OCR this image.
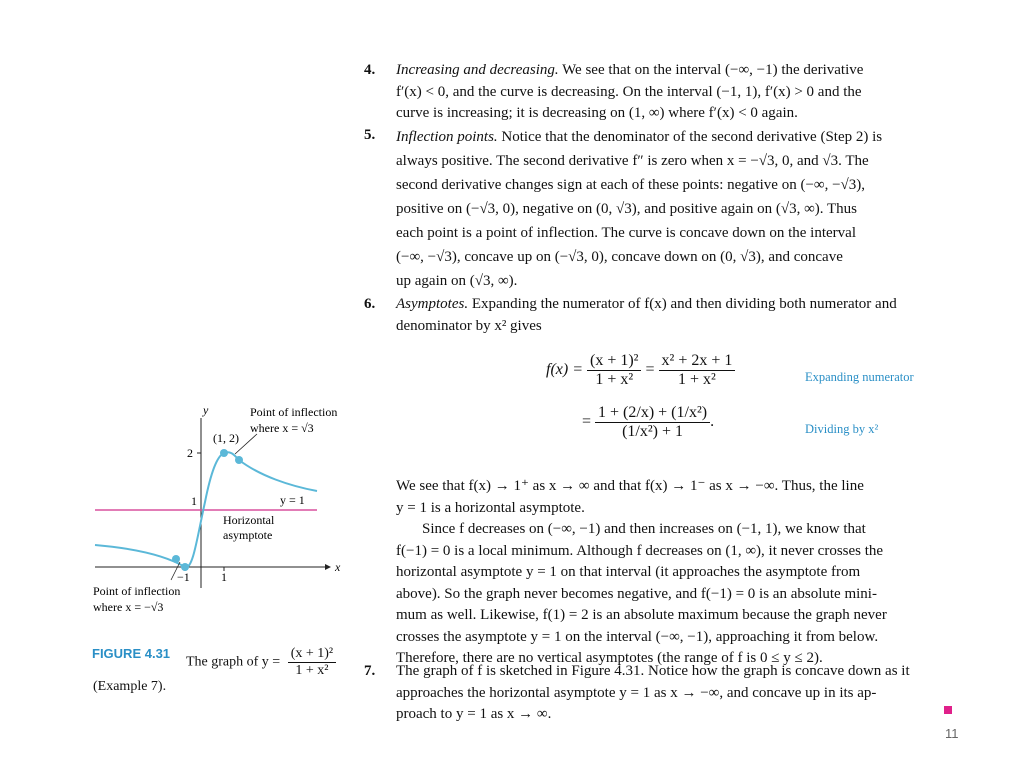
4. Increasing and decreasing. We see that on the interval (−∞, −1) the derivative
f′(x) < 0, and the curve is decreasing. On the interval (−1, 1), f′(x) > 0 and the
curve is increasing; it is decreasing on (1, ∞) where f′(x) < 0 again.
5. Inflection points. Notice that the denominator of the second derivative (Step 2) is
always positive. The second derivative f″ is zero when x = −√3, 0, and √3. The
second derivative changes sign at each of these points: negative on (−∞, −√3),
positive on (−√3, 0), negative on (0, √3), and positive again on (√3, ∞). Thus
each point is a point of inflection. The curve is concave down on the interval
(−∞, −√3), concave up on (−√3, 0), concave down on (0, √3), and concave
up again on (√3, ∞).
6. Asymptotes. Expanding the numerator of f(x) and then dividing both numerator and
denominator by x² gives
$f(x) = \frac{\text{(x + 1)²}}{\text{1 + x²}} = \frac{\text{x² + 2x + 1}}{\text{1 + x²}}$	Expanding numerator
= $\frac{\text{1 + (2/x) + (1/x²)}}{\text{(1/x²) + 1}}$ .	Dividing by x²
We see that f(x) → 1⁺ as x → ∞ and that f(x) → 1⁻ as x → −∞. Thus, the line
y = 1 is a horizontal asymptote.
Since f decreases on (−∞, −1) and then increases on (−1, 1), we know that
f(−1) = 0 is a local minimum. Although f decreases on (1, ∞), it never crosses the
horizontal asymptote y = 1 on that interval (it approaches the asymptote from
above). So the graph never becomes negative, and f(−1) = 0 is an absolute mini-
mum as well. Likewise, f(1) = 2 is an absolute maximum because the graph never
crosses the asymptote y = 1 on the interval (−∞, −1), approaching it from below.
Therefore, there are no vertical asymptotes (the range of f is 0 ≤ y ≤ 2).
7. The graph of f is sketched in Figure 4.31. Notice how the graph is concave down as it
approaches the horizontal asymptote y = 1 as x → −∞, and concave up in its ap-
proach to y = 1 as x → ∞.
y
x
2
1
−1	1
(1, 2)
Point of inflection
where x = √3
Horizontal
asymptote
y = 1
Point of inflection
where x = −√3
FIGURE 4.31
The graph of $y = \frac{\text{(x + 1)²}}{\text{1 + x²}}$
(Example 7).
11
